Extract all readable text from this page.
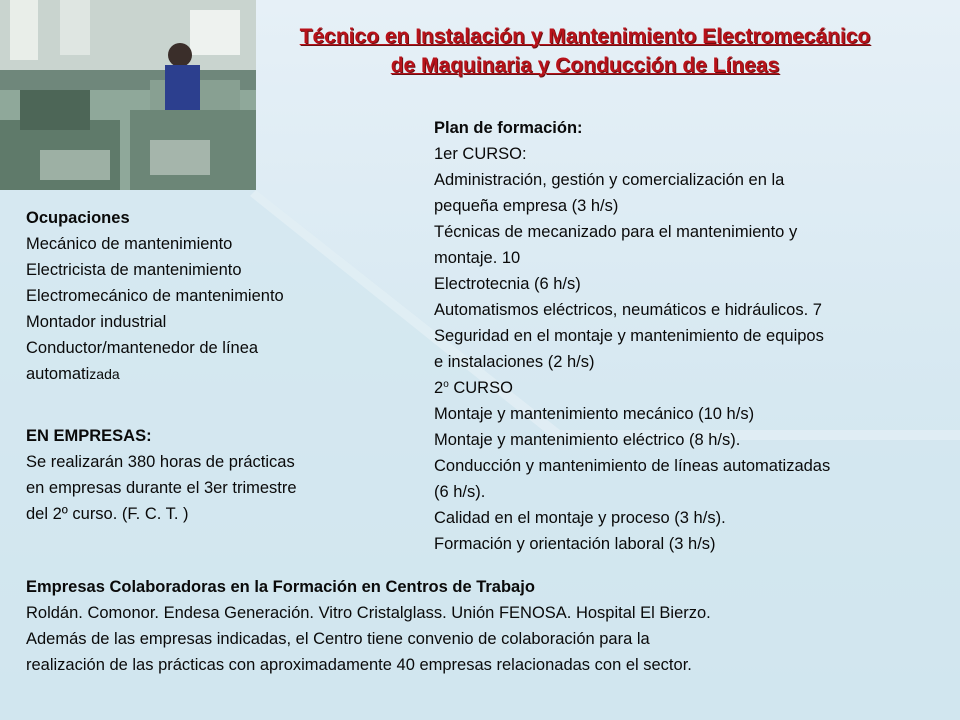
Técnico en Instalación y Mantenimiento Electromecánico
de Maquinaria y Conducción de Líneas
Plan de formación:
1er CURSO:
Administración, gestión y comercialización en la
pequeña empresa (3 h/s)
Técnicas de mecanizado para el mantenimiento y
montaje. 10
Electrotecnia (6 h/s)
Automatismos eléctricos, neumáticos e hidráulicos. 7
Seguridad en el montaje y mantenimiento de equipos
e instalaciones (2 h/s)
2$^o$ CURSO
Montaje y mantenimiento mecánico (10 h/s)
Montaje y mantenimiento eléctrico (8 h/s).
Conducción y mantenimiento de líneas automatizadas
(6 h/s).
Calidad en el montaje y proceso (3 h/s).
Formación y orientación laboral (3 h/s)
Ocupaciones
Mecánico de mantenimiento
Electricista de mantenimiento
Electromecánico de mantenimiento
Montador industrial
Conductor/mantenedor de línea
automatizada
EN EMPRESAS:
Se realizarán 380 horas de prácticas
en empresas durante el 3er trimestre
del 2º curso. (F. C. T. )
Empresas Colaboradoras en la Formación en Centros de Trabajo
Roldán. Comonor. Endesa Generación. Vitro Cristalglass. Unión FENOSA. Hospital El Bierzo.
Además de las empresas indicadas, el Centro tiene convenio de colaboración para la
realización de las prácticas con aproximadamente 40 empresas relacionadas con el sector.
